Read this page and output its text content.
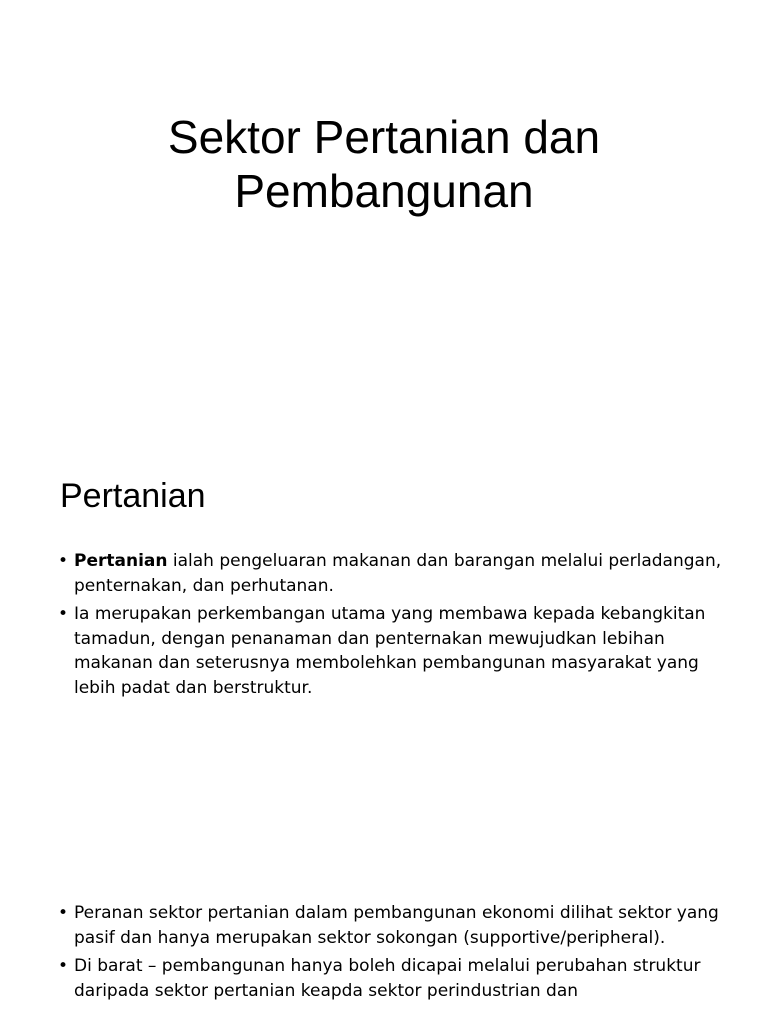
Sektor Pertanian dan
Pembangunan
Pertanian
• Pertanian ialah pengeluaran makanan dan barangan melalui perladangan, penternakan, dan perhutanan.
• Ia merupakan perkembangan utama yang membawa kepada kebangkitan tamadun, dengan penanaman dan penternakan mewujudkan lebihan makanan dan seterusnya membolehkan pembangunan masyarakat yang lebih padat dan berstruktur.
• Peranan sektor pertanian dalam pembangunan ekonomi dilihat sektor yang pasif dan hanya merupakan sektor sokongan (supportive/peripheral).
• Di barat – pembangunan hanya boleh dicapai melalui perubahan struktur daripada sektor pertanian keapda sektor perindustrian dan
